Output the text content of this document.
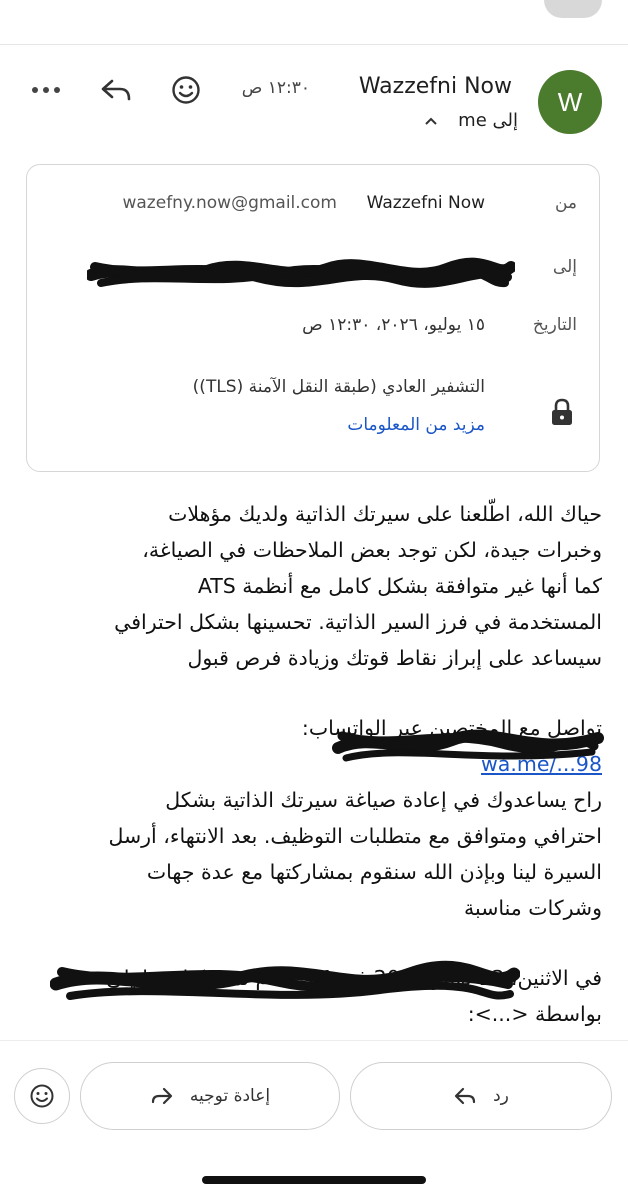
W
Wazzefni Now
١٢:٣٠ ص
إلى me
من
Wazzefni Now
wazefny.now@gmail.com
إلى
التاريخ
١٥ يوليو، ٢٠٢٦، ١٢:٣٠ ص
التشفير العادي (طبقة النقل الآمنة (TLS))
مزيد من المعلومات

حياك الله، اطّلعنا على سيرتك الذاتية ولديك مؤهلات

وخبرات جيدة، لكن توجد بعض الملاحظات في الصياغة،

كما أنها غير متوافقة بشكل كامل مع أنظمة ATS

المستخدمة في فرز السير الذاتية. تحسينها بشكل احترافي

سيساعد على إبراز نقاط قوتك وزيادة فرص قبول

تواصل مع المختصين عبر الواتساب:

wa.me/...98

راح يساعدوك في إعادة صياغة سيرتك الذاتية بشكل

احترافي ومتوافق مع متطلبات التوظيف. بعد الانتهاء، أرسل

السيرة لينا وبإذن الله سنقوم بمشاركتها مع عدة جهات

وشركات مناسبة

في الاثنين، 13 يوليو 2026 في 11:31 م تمت كتابة ما يلي

بواسطة <...>:

إعادة توجيه	رد
